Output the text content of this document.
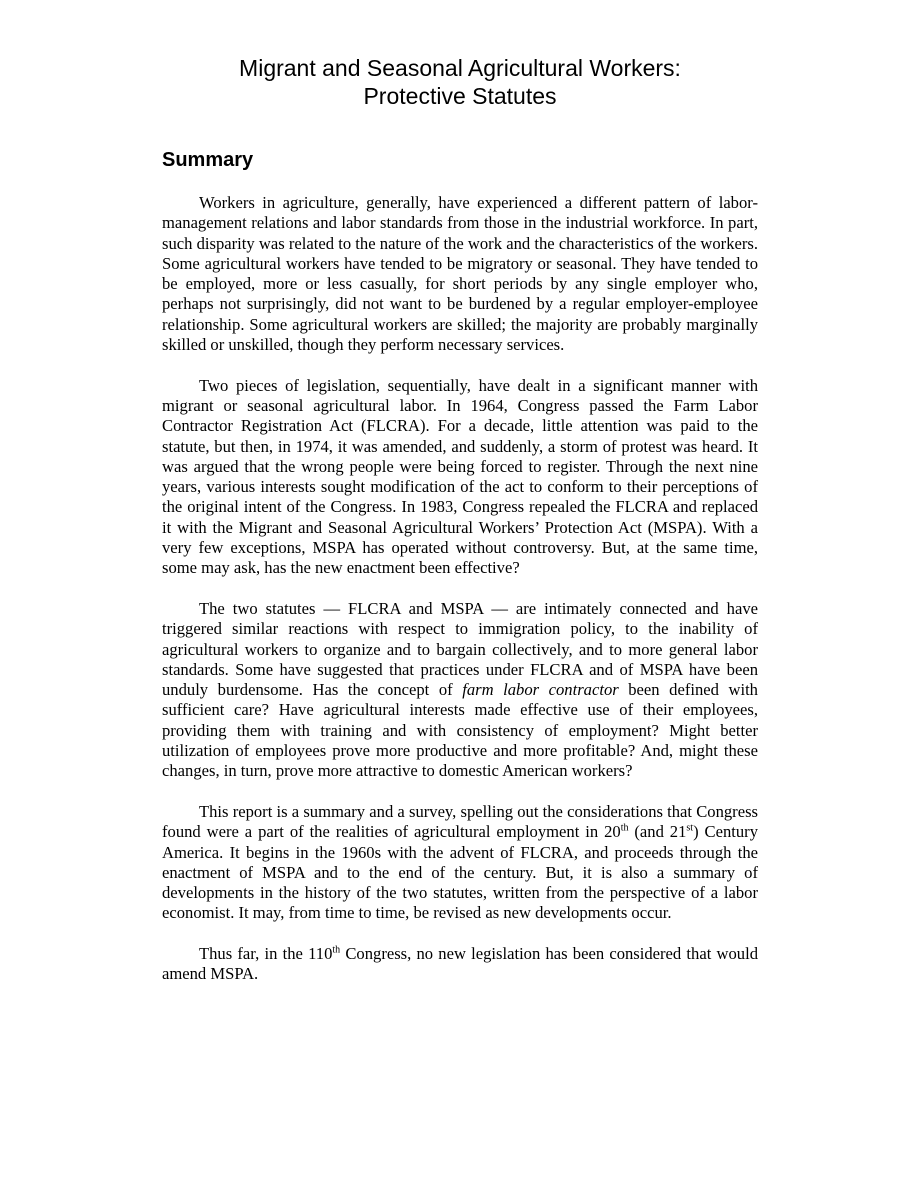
Migrant and Seasonal Agricultural Workers:
Protective Statutes
Summary

Workers in agriculture, generally, have experienced a different pattern of labor-management relations and labor standards from those in the industrial workforce. In part, such disparity was related to the nature of the work and the characteristics of the workers. Some agricultural workers have tended to be migratory or seasonal. They have tended to be employed, more or less casually, for short periods by any single employer who, perhaps not surprisingly, did not want to be burdened by a regular employer-employee relationship. Some agricultural workers are skilled; the majority are probably marginally skilled or unskilled, though they perform necessary services.

Two pieces of legislation, sequentially, have dealt in a significant manner with migrant or seasonal agricultural labor. In 1964, Congress passed the Farm Labor Contractor Registration Act (FLCRA). For a decade, little attention was paid to the statute, but then, in 1974, it was amended, and suddenly, a storm of protest was heard. It was argued that the wrong people were being forced to register. Through the next nine years, various interests sought modification of the act to conform to their perceptions of the original intent of the Congress. In 1983, Congress repealed the FLCRA and replaced it with the Migrant and Seasonal Agricultural Workers’ Protection Act (MSPA). With a very few exceptions, MSPA has operated without controversy. But, at the same time, some may ask, has the new enactment been effective?

The two statutes — FLCRA and MSPA — are intimately connected and have triggered similar reactions with respect to immigration policy, to the inability of agricultural workers to organize and to bargain collectively, and to more general labor standards. Some have suggested that practices under FLCRA and of MSPA have been unduly burdensome. Has the concept of farm labor contractor been defined with sufficient care? Have agricultural interests made effective use of their employees, providing them with training and with consistency of employment? Might better utilization of employees prove more productive and more profitable? And, might these changes, in turn, prove more attractive to domestic American workers?

This report is a summary and a survey, spelling out the considerations that Congress found were a part of the realities of agricultural employment in 20th (and 21st) Century America. It begins in the 1960s with the advent of FLCRA, and proceeds through the enactment of MSPA and to the end of the century. But, it is also a summary of developments in the history of the two statutes, written from the perspective of a labor economist. It may, from time to time, be revised as new developments occur.

Thus far, in the 110th Congress, no new legislation has been considered that would amend MSPA.
